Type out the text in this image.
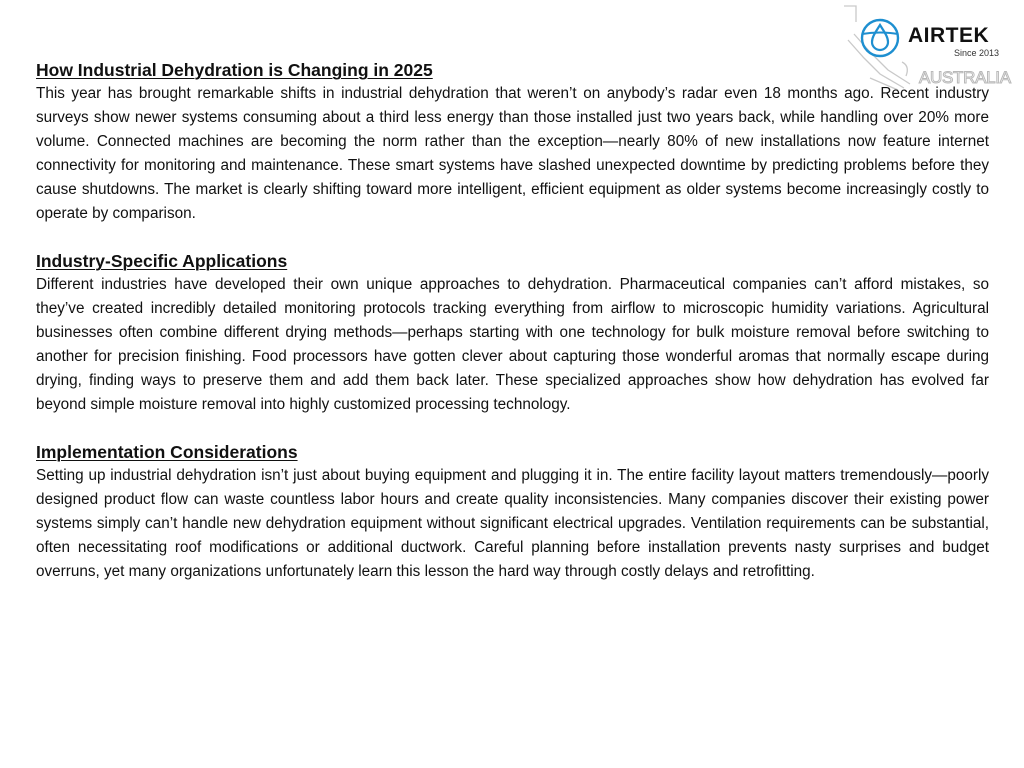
AIRTEK
Since 2013
AUSTRALIA
How Industrial Dehydration is Changing in 2025

This year has brought remarkable shifts in industrial dehydration that weren’t on anybody’s radar even 18 months ago. Recent industry surveys show newer systems consuming about a third less energy than those installed just two years back, while handling over 20% more volume. Connected machines are becoming the norm rather than the exception—nearly 80% of new installations now feature internet connectivity for monitoring and maintenance. These smart systems have slashed unexpected downtime by predicting problems before they cause shutdowns. The market is clearly shifting toward more intelligent, efficient equipment as older systems become increasingly costly to operate by comparison.

Industry-Specific Applications

Different industries have developed their own unique approaches to dehydration. Pharmaceutical companies can’t afford mistakes, so they’ve created incredibly detailed monitoring protocols tracking everything from airflow to microscopic humidity variations. Agricultural businesses often combine different drying methods—perhaps starting with one technology for bulk moisture removal before switching to another for precision finishing. Food processors have gotten clever about capturing those wonderful aromas that normally escape during drying, finding ways to preserve them and add them back later. These specialized approaches show how dehydration has evolved far beyond simple moisture removal into highly customized processing technology.

Implementation Considerations

Setting up industrial dehydration isn’t just about buying equipment and plugging it in. The entire facility layout matters tremendously—poorly designed product flow can waste countless labor hours and create quality inconsistencies. Many companies discover their existing power systems simply can’t handle new dehydration equipment without significant electrical upgrades. Ventilation requirements can be substantial, often necessitating roof modifications or additional ductwork. Careful planning before installation prevents nasty surprises and budget overruns, yet many organizations unfortunately learn this lesson the hard way through costly delays and retrofitting.
